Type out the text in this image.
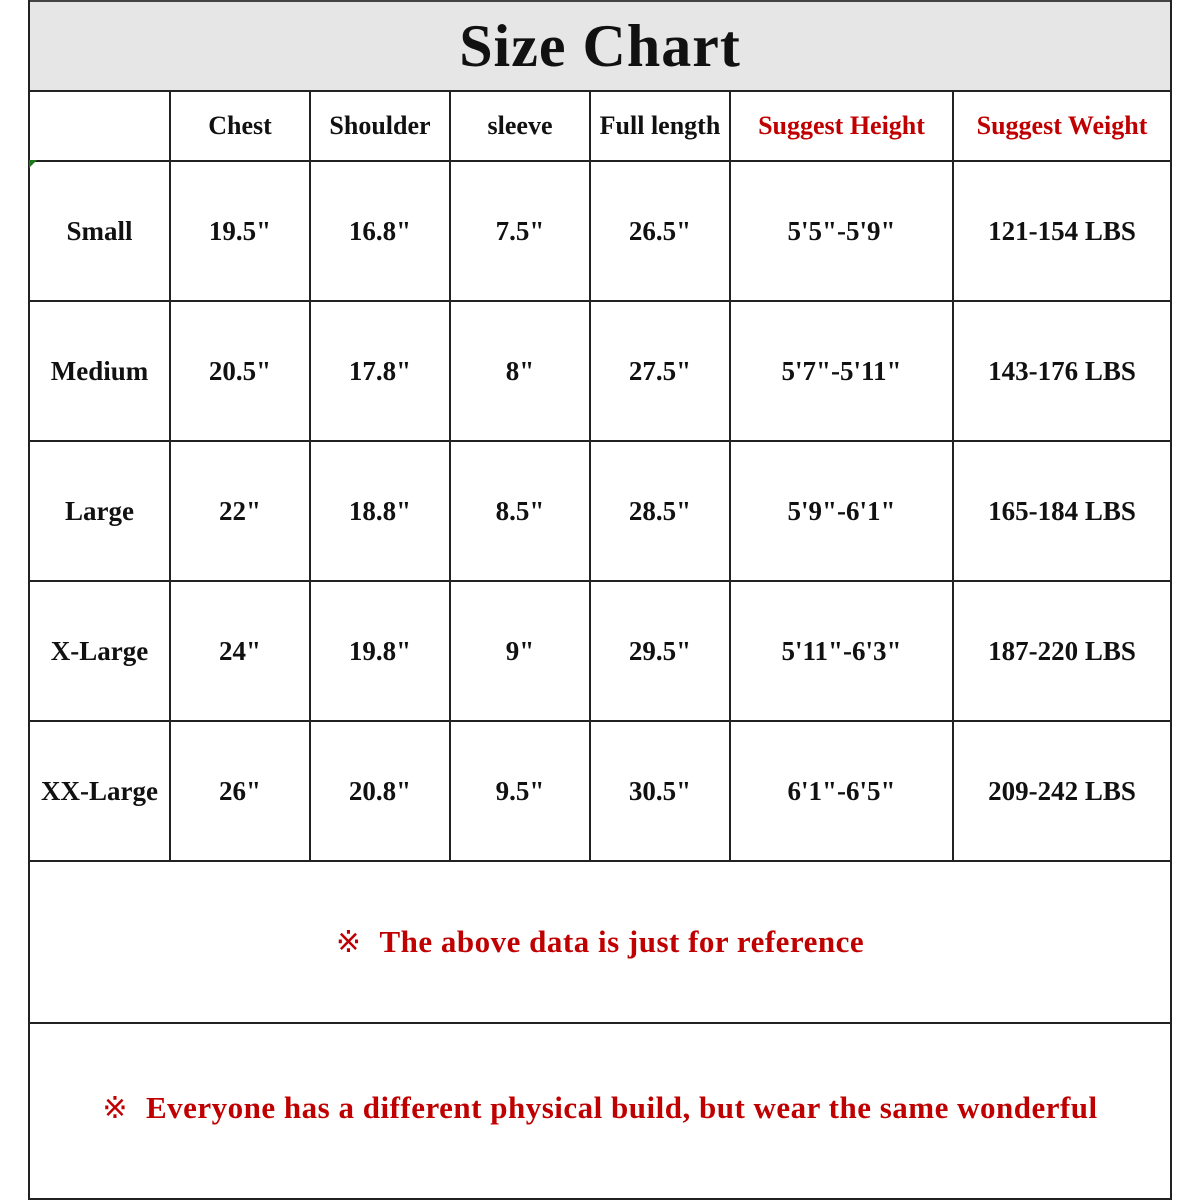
Size Chart
	Chest	Shoulder	sleeve	Full length	Suggest Height	Suggest Weight
Small	19.5"	16.8"	7.5"	26.5"	5'5"-5'9"	121-154 LBS
Medium	20.5"	17.8"	8"	27.5"	5'7"-5'11"	143-176 LBS
Large	22"	18.8"	8.5"	28.5"	5'9"-6'1"	165-184 LBS
X-Large	24"	19.8"	9"	29.5"	5'11"-6'3"	187-220 LBS
XX-Large	26"	20.8"	9.5"	30.5"	6'1"-6'5"	209-242 LBS
※ The above data is just for reference
※ Everyone has a different physical build, but wear the same wonderful
